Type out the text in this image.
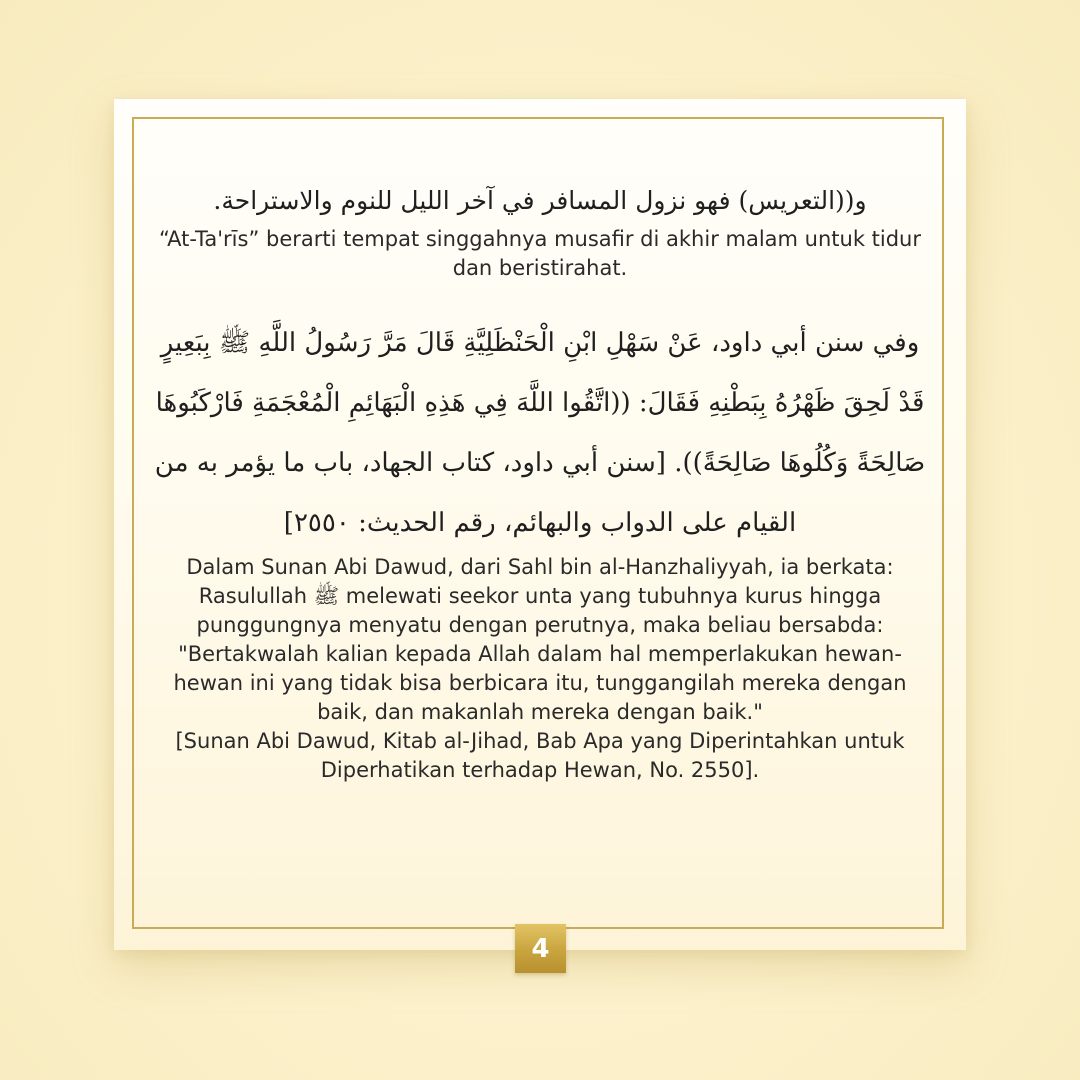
و((التعريس) فهو نزول المسافر في آخر الليل للنوم والاستراحة.

“At-Ta'rīs” berarti tempat singgahnya musafir di akhir malam untuk tidur dan beristirahat.

وفي سنن أبي داود، عَنْ سَهْلِ ابْنِ الْحَنْظَلِيَّةِ قَالَ مَرَّ رَسُولُ اللَّهِ ﷺ بِبَعِيرٍ قَدْ لَحِقَ ظَهْرُهُ بِبَطْنِهِ فَقَالَ: ((اتَّقُوا اللَّهَ فِي هَذِهِ الْبَهَائِمِ الْمُعْجَمَةِ فَارْكَبُوهَا صَالِحَةً وَكُلُوهَا صَالِحَةً)). [سنن أبي داود، كتاب الجهاد، باب ما يؤمر به من القيام على الدواب والبهائم، رقم الحديث: ٢٥٥٠]

Dalam Sunan Abi Dawud, dari Sahl bin al-Hanzhaliyyah, ia berkata: Rasulullah ﷺ melewati seekor unta yang tubuhnya kurus hingga punggungnya menyatu dengan perutnya, maka beliau bersabda:

"Bertakwalah kalian kepada Allah dalam hal memperlakukan hewan-hewan ini yang tidak bisa berbicara itu, tunggangilah mereka dengan baik, dan makanlah mereka dengan baik."

[Sunan Abi Dawud, Kitab al-Jihad, Bab Apa yang Diperintahkan untuk Diperhatikan terhadap Hewan, No. 2550].

4
